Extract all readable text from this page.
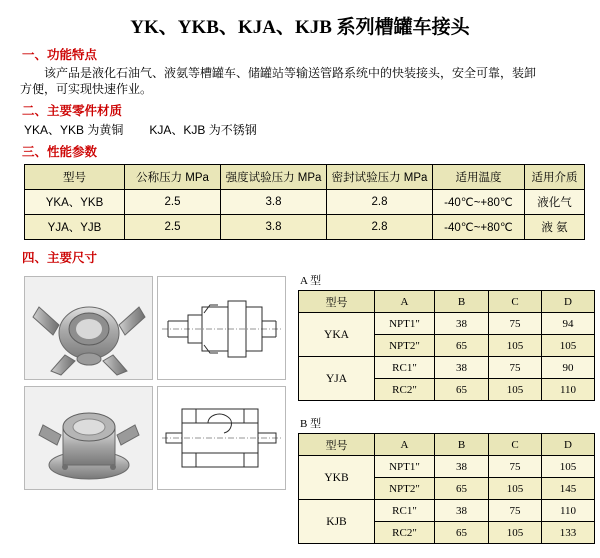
YK、YKB、KJA、KJB 系列槽罐车接头
一、功能特点
该产品是液化石油气、液氨等槽罐车、储罐站等输送管路系统中的快装接头，安全可靠，装卸
方便，可实现快速作业。
二、主要零件材质
YKA、YKB 为黄铜 KJA、KJB 为不锈钢
三、性能参数
型号	公称压力 MPa	强度试验压力 MPa	密封试验压力 MPa	适用温度	适用介质
YKA、YKB	2.5	3.8	2.8	-40℃~+80℃	液化气
YJA、YJB	2.5	3.8	2.8	-40℃~+80℃	液 氨
四、主要尺寸
A 型
型号	A	B	C	D
YKA	NPT1"	38	75	94
	NPT2"	65	105	105
YJA	RC1"	38	75	90
	RC2"	65	105	110
B 型
型号	A	B	C	D
YKB	NPT1"	38	75	105
	NPT2"	65	105	145
KJB	RC1"	38	75	110
	RC2"	65	105	133
